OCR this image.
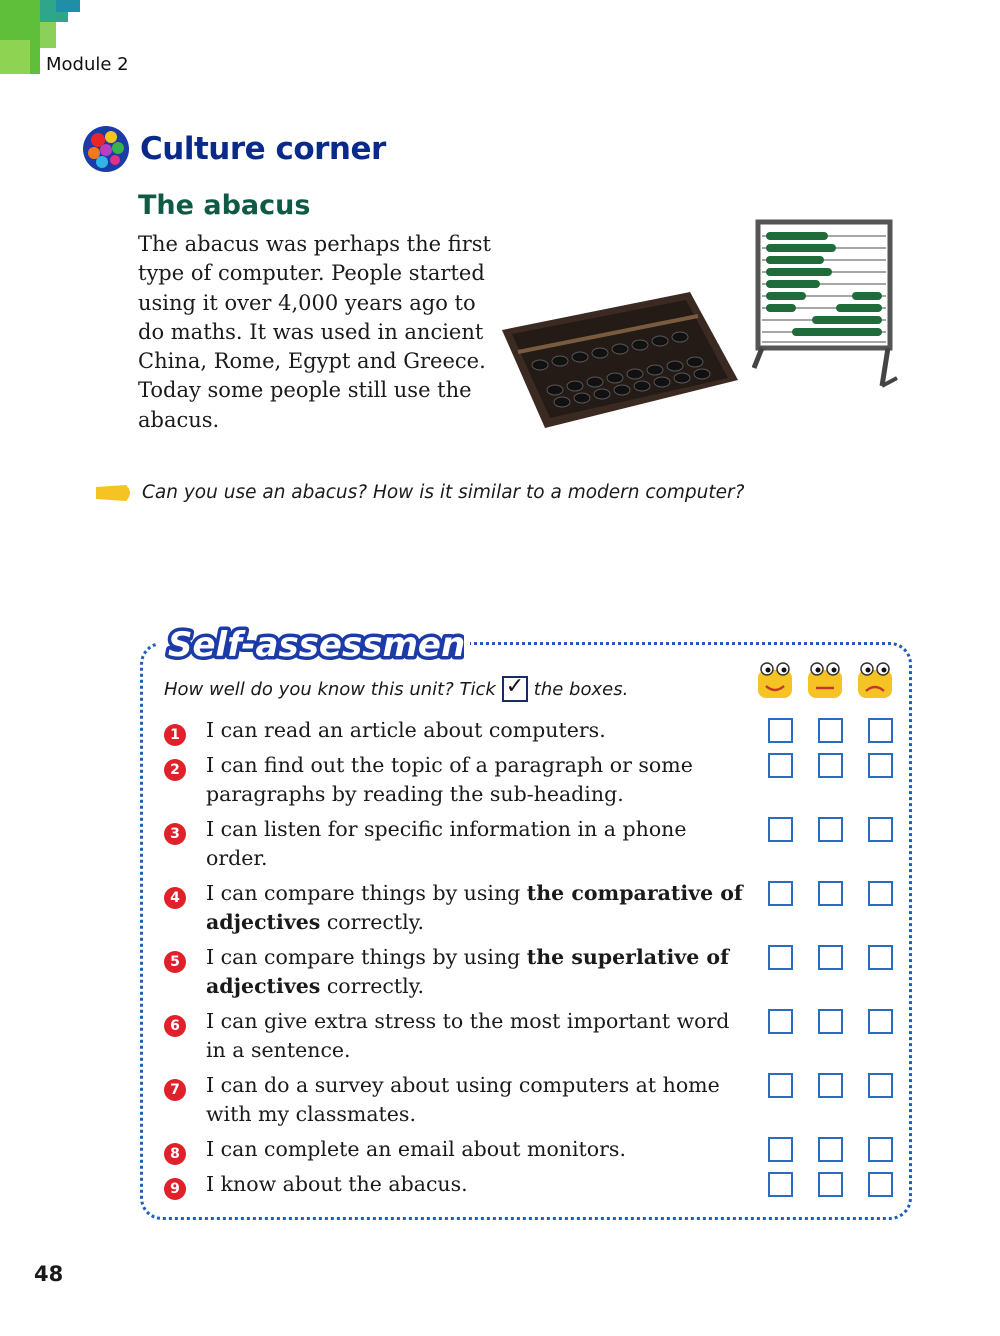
Module 2
Culture corner
The abacus
The abacus was perhaps the first type of computer. People started using it over 4,000 years ago to do maths. It was used in ancient China, Rome, Egypt and Greece. Today some people still use the abacus.
Can you use an abacus? How is it similar to a modern computer?
Self-assessment
How well do you know this unit? Tick ✓ the boxes.
1 I can read an article about computers.
2 I can find out the topic of a paragraph or some paragraphs by reading the sub-heading.
3 I can listen for specific information in a phone order.
4 I can compare things by using the comparative of adjectives correctly.
5 I can compare things by using the superlative of adjectives correctly.
6 I can give extra stress to the most important word in a sentence.
7 I can do a survey about using computers at home with my classmates.
8 I can complete an email about monitors.
9 I know about the abacus.
48
